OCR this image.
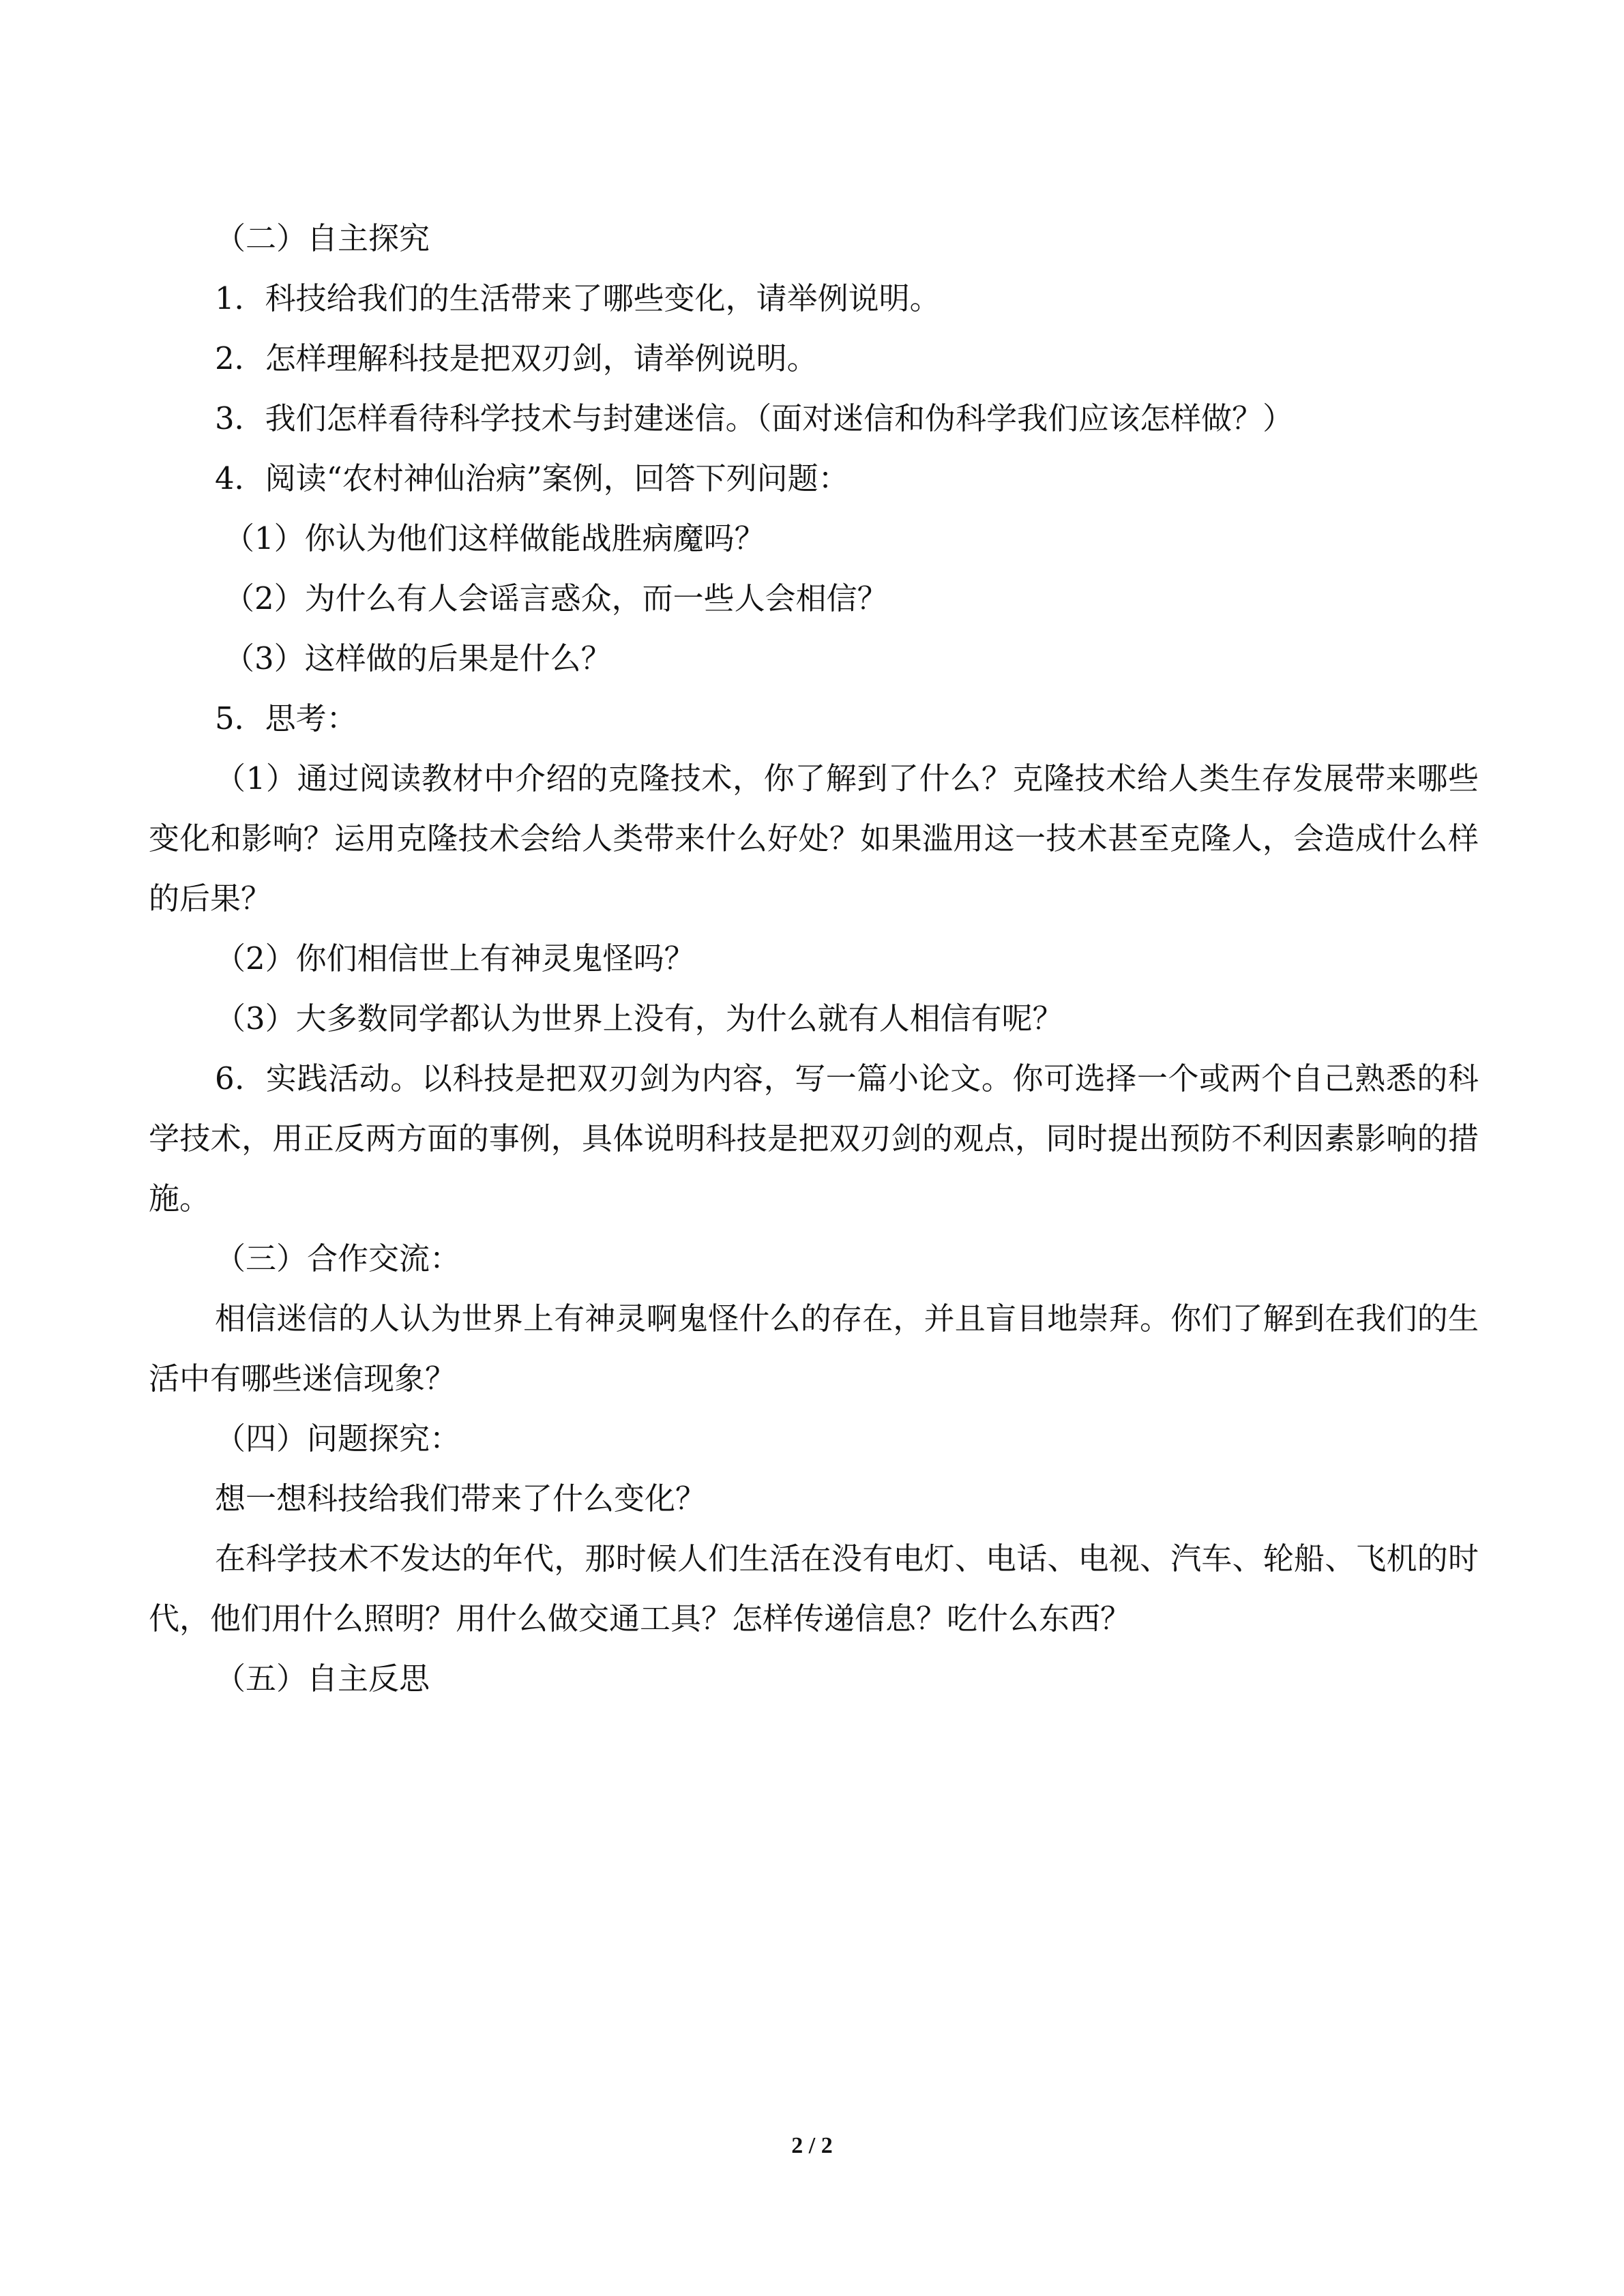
（二）自主探究

1．科技给我们的生活带来了哪些变化，请举例说明。

2．怎样理解科技是把双刃剑，请举例说明。

3．我们怎样看待科学技术与封建迷信。（面对迷信和伪科学我们应该怎样做？）

4．阅读“农村神仙治病”案例，回答下列问题：

（1）你认为他们这样做能战胜病魔吗？

（2）为什么有人会谣言惑众，而一些人会相信？

（3）这样做的后果是什么？

5．思考：

（1）通过阅读教材中介绍的克隆技术，你了解到了什么？克隆技术给人类生存发展带来哪些变化和影响？运用克隆技术会给人类带来什么好处？如果滥用这一技术甚至克隆人，会造成什么样的后果？

（2）你们相信世上有神灵鬼怪吗？

（3）大多数同学都认为世界上没有，为什么就有人相信有呢？

6．实践活动。以科技是把双刃剑为内容，写一篇小论文。你可选择一个或两个自己熟悉的科学技术，用正反两方面的事例，具体说明科技是把双刃剑的观点，同时提出预防不利因素影响的措施。

（三）合作交流：

相信迷信的人认为世界上有神灵啊鬼怪什么的存在，并且盲目地崇拜。你们了解到在我们的生活中有哪些迷信现象？

（四）问题探究：

想一想科技给我们带来了什么变化？

在科学技术不发达的年代，那时候人们生活在没有电灯、电话、电视、汽车、轮船、飞机的时代，他们用什么照明？用什么做交通工具？怎样传递信息？吃什么东西？

（五）自主反思

2 / 2
